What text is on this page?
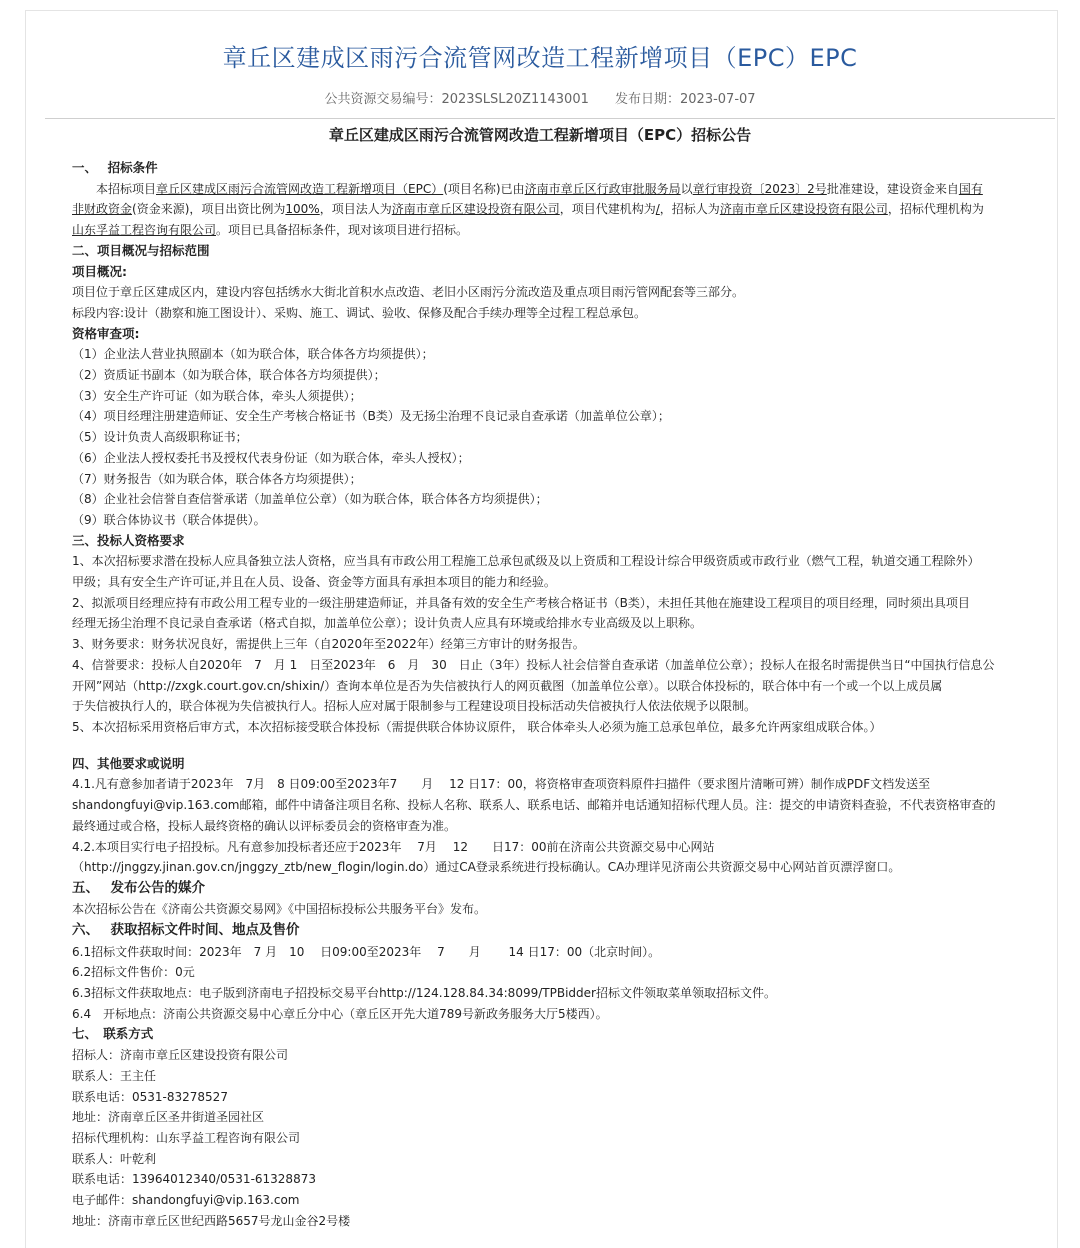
章丘区建成区雨污合流管网改造工程新增项目（EPC）EPC
公共资源交易编号：2023SLSL20Z1143001 发布日期：2023-07-07
章丘区建成区雨污合流管网改造工程新增项目（EPC）招标公告
一、　 招标条件
本招标项目章丘区建成区雨污合流管网改造工程新增项目（EPC）(项目名称)已由济南市章丘区行政审批服务局以章行审投资〔2023〕2号批准建设，建设资金来自国有
非财政资金(资金来源)，项目出资比例为100%，项目法人为济南市章丘区建设投资有限公司，项目代建机构为/，招标人为济南市章丘区建设投资有限公司，招标代理机构为
山东孚益工程咨询有限公司。项目已具备招标条件，现对该项目进行招标。
二、项目概况与招标范围
项目概况:
项目位于章丘区建成区内，建设内容包括绣水大街北首积水点改造、老旧小区雨污分流改造及重点项目雨污管网配套等三部分。
标段内容:设计（勘察和施工图设计）、采购、施工、调试、验收、保修及配合手续办理等全过程工程总承包。
资格审查项:
（1）企业法人营业执照副本（如为联合体，联合体各方均须提供）；
（2）资质证书副本（如为联合体，联合体各方均须提供）；
（3）安全生产许可证（如为联合体，牵头人须提供）；
（4）项目经理注册建造师证、安全生产考核合格证书（B类）及无扬尘治理不良记录自查承诺（加盖单位公章）；
（5）设计负责人高级职称证书；
（6）企业法人授权委托书及授权代表身份证（如为联合体，牵头人授权）；
（7）财务报告（如为联合体，联合体各方均须提供）；
（8）企业社会信誉自查信誉承诺（加盖单位公章）（如为联合体，联合体各方均须提供）；
（9）联合体协议书（联合体提供）。
三、投标人资格要求
1、本次招标要求潜在投标人应具备独立法人资格，应当具有市政公用工程施工总承包贰级及以上资质和工程设计综合甲级资质或市政行业（燃气工程，轨道交通工程除外）
甲级；具有安全生产许可证,并且在人员、设备、资金等方面具有承担本项目的能力和经验。
2、拟派项目经理应持有市政公用工程专业的一级注册建造师证，并具备有效的安全生产考核合格证书（B类），未担任其他在施建设工程项目的项目经理，同时须出具项目
经理无扬尘治理不良记录自查承诺（格式自拟，加盖单位公章）；设计负责人应具有环境或给排水专业高级及以上职称。
3、财务要求：财务状况良好，需提供上三年（自2020年至2022年）经第三方审计的财务报告。
4、信誉要求：投标人自2020年　7　月 1　日至2023年　6　月　30　日止（3年）投标人社会信誉自查承诺（加盖单位公章）；投标人在报名时需提供当日“中国执行信息公
开网”网站（http://zxgk.court.gov.cn/shixin/）查询本单位是否为失信被执行人的网页截图（加盖单位公章）。以联合体投标的，联合体中有一个或一个以上成员属
于失信被执行人的，联合体视为失信被执行人。招标人应对属于限制参与工程建设项目投标活动失信被执行人依法依规予以限制。
5、本次招标采用资格后审方式，本次招标接受联合体投标（需提供联合体协议原件， 联合体牵头人必须为施工总承包单位，最多允许两家组成联合体。）
四、其他要求或说明
4.1.凡有意参加者请于2023年　7月　8 日09:00至2023年7　　月　 12 日17：00，将资格审查项资料原件扫描件（要求图片清晰可辨）制作成PDF文档发送至
shandongfuyi@vip.163.com邮箱，邮件中请备注项目名称、投标人名称、联系人、联系电话、邮箱并电话通知招标代理人员。注：提交的申请资料查验，不代表资格审查的
最终通过或合格，投标人最终资格的确认以评标委员会的资格审查为准。
4.2.本项目实行电子招投标。凡有意参加投标者还应于2023年　 7月　 12　　日17：00前在济南公共资源交易中心网站
（http://jnggzy.jinan.gov.cn/jnggzy_ztb/new_flogin/login.do）通过CA登录系统进行投标确认。CA办理详见济南公共资源交易中心网站首页漂浮窗口。
五、　 发布公告的媒介
本次招标公告在《济南公共资源交易网》《中国招标投标公共服务平台》发布。
六、　 获取招标文件时间、地点及售价
6.1招标文件获取时间：2023年　7 月　10　 日09:00至2023年　 7　　月　　 14 日17：00（北京时间）。
6.2招标文件售价：0元
6.3招标文件获取地点：电子版到济南电子招投标交易平台http://124.128.84.34:8099/TPBidder招标文件领取菜单领取招标文件。
6.4　开标地点：济南公共资源交易中心章丘分中心（章丘区开先大道789号新政务服务大厅5楼西）。
七、　联系方式
招标人：济南市章丘区建设投资有限公司
联系人：王主任
联系电话：0531-83278527
地址：济南章丘区圣井街道圣园社区
招标代理机构：山东孚益工程咨询有限公司
联系人：叶乾利
联系电话：13964012340/0531-61328873
电子邮件：shandongfuyi@vip.163.com
地址：济南市章丘区世纪西路5657号龙山金谷2号楼
